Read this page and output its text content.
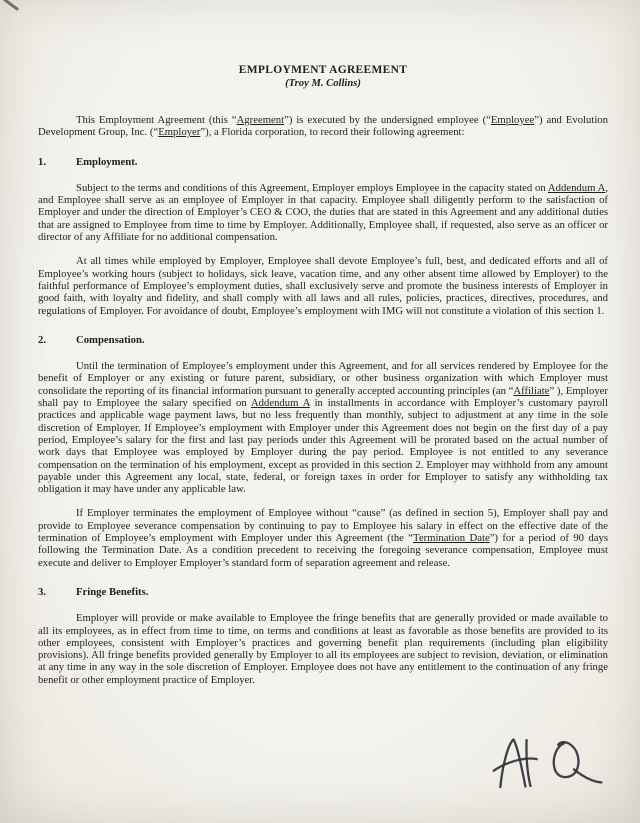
EMPLOYMENT AGREEMENT
(Troy M. Collins)

This Employment Agreement (this “Agreement”) is executed by the undersigned employee (“Employee”) and Evolution Development Group, Inc. (“Employer”), a Florida corporation, to record their following agreement:

1.	Employment.

Subject to the terms and conditions of this Agreement, Employer employs Employee in the capacity stated on Addendum A, and Employee shall serve as an employee of Employer in that capacity. Employee shall diligently perform to the satisfaction of Employer and under the direction of Employer’s CEO & COO, the duties that are stated in this Agreement and any additional duties that are assigned to Employee from time to time by Employer. Additionally, Employee shall, if requested, also serve as an officer or director of any Affiliate for no additional compensation.

At all times while employed by Employer, Employee shall devote Employee’s full, best, and dedicated efforts and all of Employee’s working hours (subject to holidays, sick leave, vacation time, and any other absent time allowed by Employer) to the faithful performance of Employee’s employment duties, shall exclusively serve and promote the business interests of Employer in good faith, with loyalty and fidelity, and shall comply with all laws and all rules, policies, practices, directives, procedures, and regulations of Employer. For avoidance of doubt, Employee’s employment with IMG will not constitute a violation of this section 1.

2.	Compensation.

Until the termination of Employee’s employment under this Agreement, and for all services rendered by Employee for the benefit of Employer or any existing or future parent, subsidiary, or other business organization with which Employer must consolidate the reporting of its financial information pursuant to generally accepted accounting principles (an “Affiliate” ), Employer shall pay to Employee the salary specified on Addendum A in installments in accordance with Employer’s customary payroll practices and applicable wage payment laws, but no less frequently than monthly, subject to adjustment at any time in the sole discretion of Employer. If Employee’s employment with Employer under this Agreement does not begin on the first day of a pay period, Employee’s salary for the first and last pay periods under this Agreement will be prorated based on the actual number of work days that Employee was employed by Employer during the pay period. Employee is not entitled to any severance compensation on the termination of his employment, except as provided in this section 2. Employer may withhold from any amount payable under this Agreement any local, state, federal, or foreign taxes in order for Employer to satisfy any withholding tax obligation it may have under any applicable law.

If Employer terminates the employment of Employee without “cause” (as defined in section 5), Employer shall pay and provide to Employee severance compensation by continuing to pay to Employee his salary in effect on the effective date of the termination of Employee’s employment with Employer under this Agreement (the “Termination Date”) for a period of 90 days following the Termination Date. As a condition precedent to receiving the foregoing severance compensation, Employee must execute and deliver to Employer Employer’s standard form of separation agreement and release.

3.	Fringe Benefits.

Employer will provide or make available to Employee the fringe benefits that are generally provided or made available to all its employees, as in effect from time to time, on terms and conditions at least as favorable as those benefits are provided to its other employees, consistent with Employer’s practices and governing benefit plan requirements (including plan eligibility provisions). All fringe benefits provided generally by Employer to all its employees are subject to revision, deviation, or elimination at any time in any way in the sole discretion of Employer. Employee does not have any entitlement to the continuation of any fringe benefit or other employment practice of Employer.
